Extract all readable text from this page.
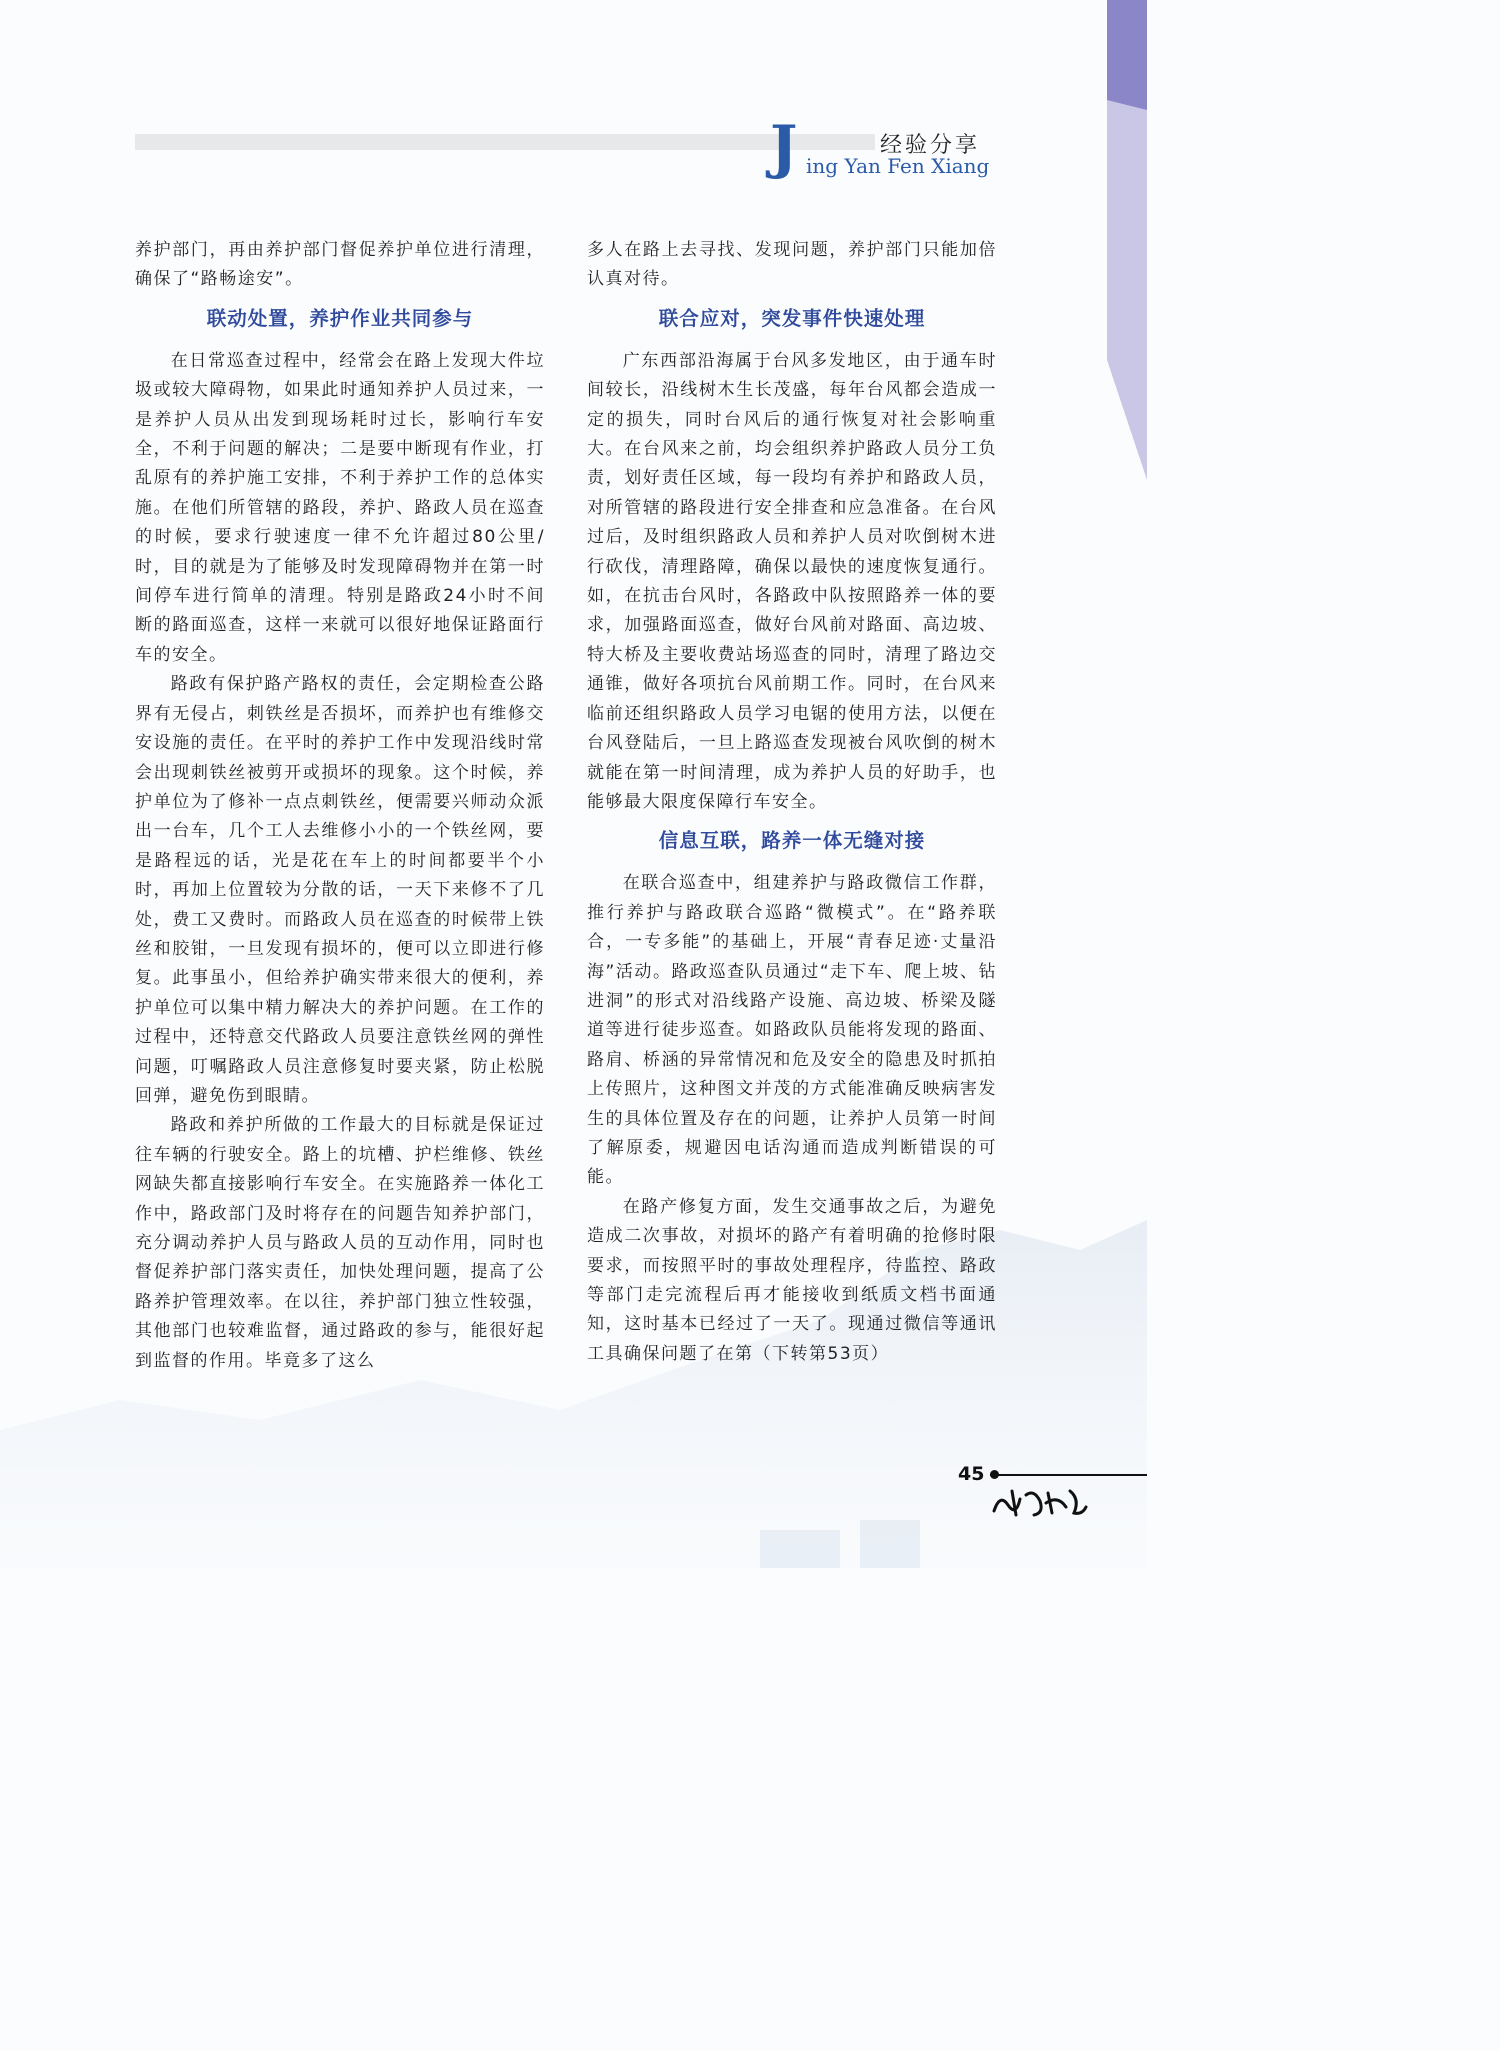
J	经验分享
ing Yan Fen Xiang

养护部门，再由养护部门督促养护单位进行清理，确保了“路畅途安”。

联动处置，养护作业共同参与

在日常巡查过程中，经常会在路上发现大件垃圾或较大障碍物，如果此时通知养护人员过来，一是养护人员从出发到现场耗时过长，影响行车安全，不利于问题的解决；二是要中断现有作业，打乱原有的养护施工安排，不利于养护工作的总体实施。在他们所管辖的路段，养护、路政人员在巡查的时候，要求行驶速度一律不允许超过80公里/时，目的就是为了能够及时发现障碍物并在第一时间停车进行简单的清理。特别是路政24小时不间断的路面巡查，这样一来就可以很好地保证路面行车的安全。

路政有保护路产路权的责任，会定期检查公路界有无侵占，刺铁丝是否损坏，而养护也有维修交安设施的责任。在平时的养护工作中发现沿线时常会出现刺铁丝被剪开或损坏的现象。这个时候，养护单位为了修补一点点刺铁丝，便需要兴师动众派出一台车，几个工人去维修小小的一个铁丝网，要是路程远的话，光是花在车上的时间都要半个小时，再加上位置较为分散的话，一天下来修不了几处，费工又费时。而路政人员在巡查的时候带上铁丝和胶钳，一旦发现有损坏的，便可以立即进行修复。此事虽小，但给养护确实带来很大的便利，养护单位可以集中精力解决大的养护问题。在工作的过程中，还特意交代路政人员要注意铁丝网的弹性问题，叮嘱路政人员注意修复时要夹紧，防止松脱回弹，避免伤到眼睛。

路政和养护所做的工作最大的目标就是保证过往车辆的行驶安全。路上的坑槽、护栏维修、铁丝网缺失都直接影响行车安全。在实施路养一体化工作中，路政部门及时将存在的问题告知养护部门，充分调动养护人员与路政人员的互动作用，同时也督促养护部门落实责任，加快处理问题，提高了公路养护管理效率。在以往，养护部门独立性较强，其他部门也较难监督，通过路政的参与，能很好起到监督的作用。毕竟多了这么

多人在路上去寻找、发现问题，养护部门只能加倍认真对待。

联合应对，突发事件快速处理

广东西部沿海属于台风多发地区，由于通车时间较长，沿线树木生长茂盛，每年台风都会造成一定的损失，同时台风后的通行恢复对社会影响重大。在台风来之前，均会组织养护路政人员分工负责，划好责任区域，每一段均有养护和路政人员，对所管辖的路段进行安全排查和应急准备。在台风过后，及时组织路政人员和养护人员对吹倒树木进行砍伐，清理路障，确保以最快的速度恢复通行。如，在抗击台风时，各路政中队按照路养一体的要求，加强路面巡查，做好台风前对路面、高边坡、特大桥及主要收费站场巡查的同时，清理了路边交通锥，做好各项抗台风前期工作。同时，在台风来临前还组织路政人员学习电锯的使用方法，以便在台风登陆后，一旦上路巡查发现被台风吹倒的树木就能在第一时间清理，成为养护人员的好助手，也能够最大限度保障行车安全。

信息互联，路养一体无缝对接

在联合巡查中，组建养护与路政微信工作群，推行养护与路政联合巡路“微模式”。在“路养联合，一专多能”的基础上，开展“青春足迹·丈量沿海”活动。路政巡查队员通过“走下车、爬上坡、钻进洞”的形式对沿线路产设施、高边坡、桥梁及隧道等进行徒步巡查。如路政队员能将发现的路面、路肩、桥涵的异常情况和危及安全的隐患及时抓拍上传照片，这种图文并茂的方式能准确反映病害发生的具体位置及存在的问题，让养护人员第一时间了解原委，规避因电话沟通而造成判断错误的可能。

在路产修复方面，发生交通事故之后，为避免造成二次事故，对损坏的路产有着明确的抢修时限要求，而按照平时的事故处理程序，待监控、路政等部门走完流程后再才能接收到纸质文档书面通知，这时基本已经过了一天了。现通过微信等通讯工具确保问题了在第（下转第53页）

45
